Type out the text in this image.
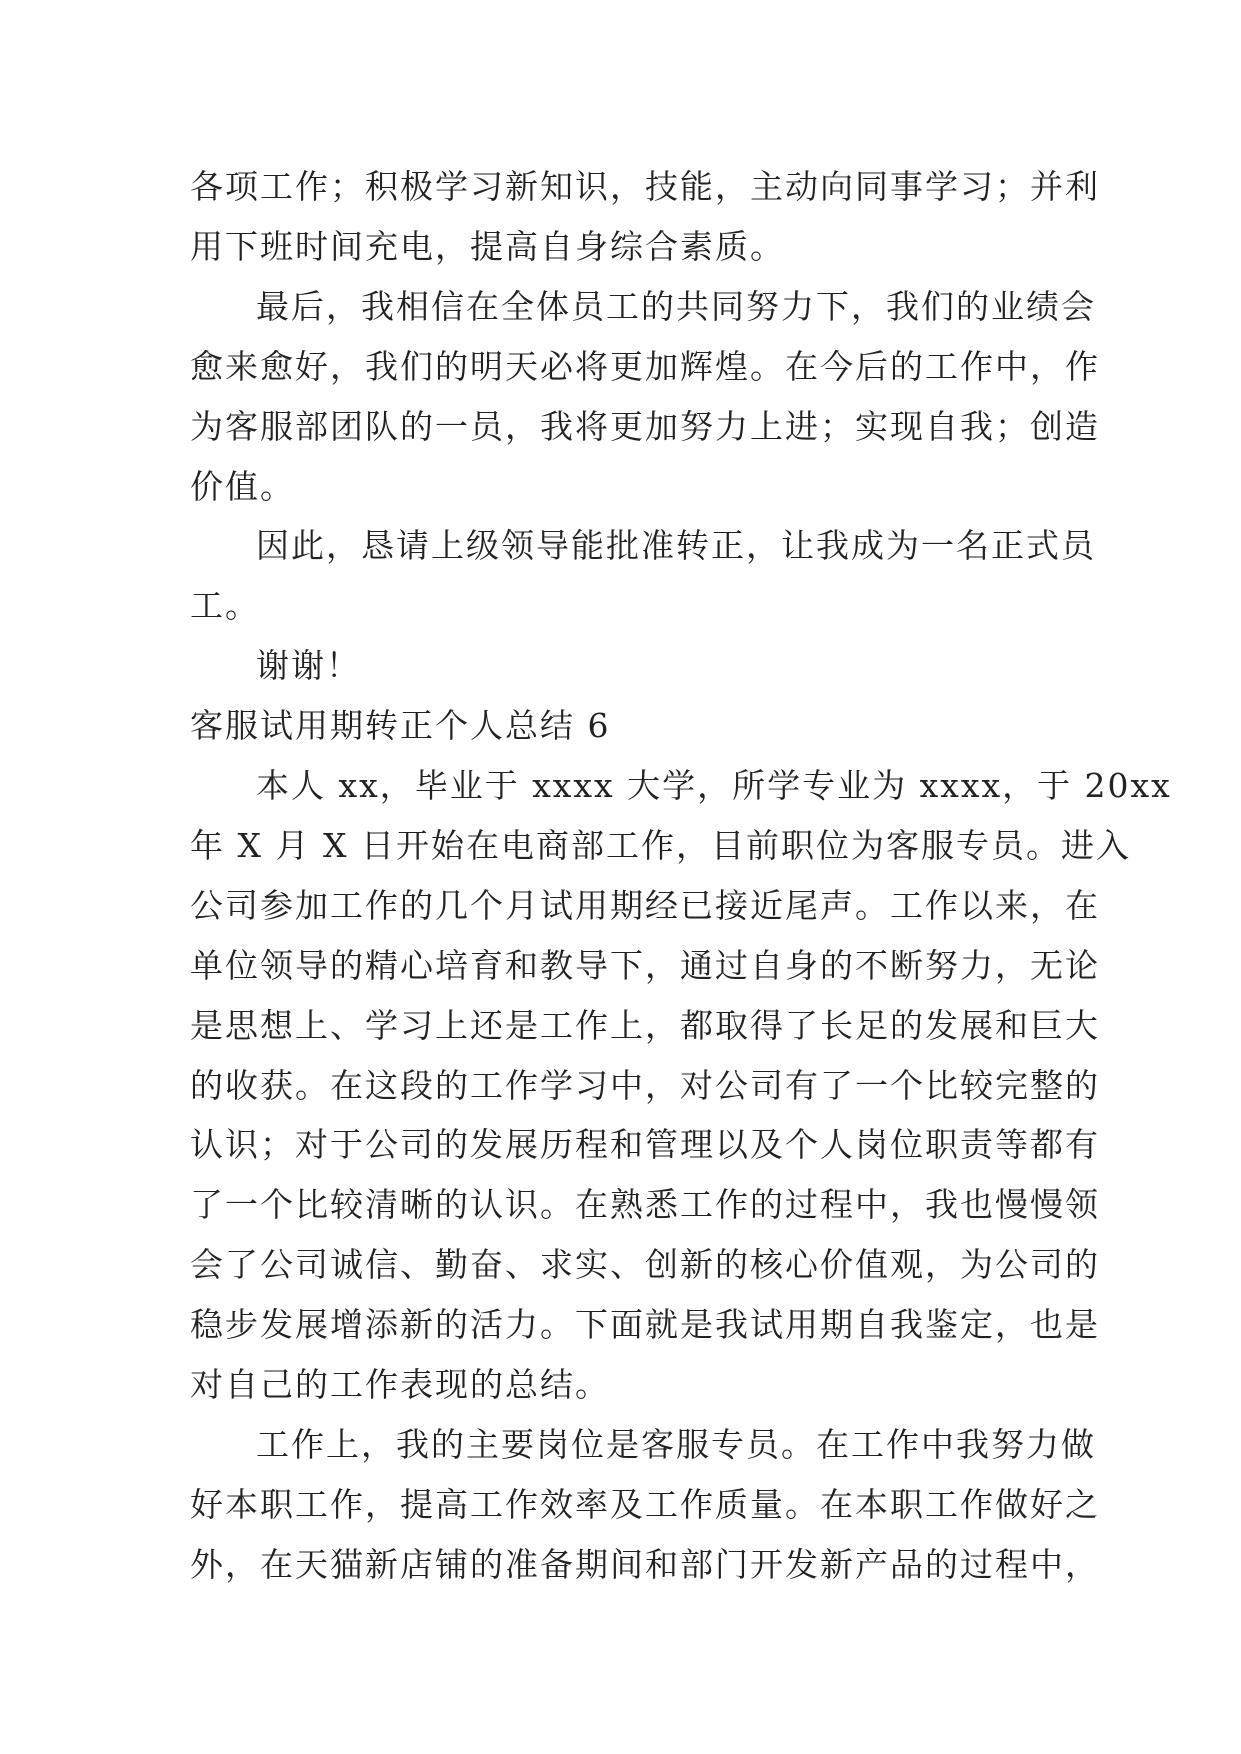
各项工作；积极学习新知识，技能，主动向同事学习；并利
用下班时间充电，提高自身综合素质。
最后，我相信在全体员工的共同努力下，我们的业绩会
愈来愈好，我们的明天必将更加辉煌。在今后的工作中，作
为客服部团队的一员，我将更加努力上进；实现自我；创造
价值。
因此，恳请上级领导能批准转正，让我成为一名正式员
工。
谢谢！
客服试用期转正个人总结 6
本人 xx，毕业于 xxxx 大学，所学专业为 xxxx，于 20xx
年 X 月 X 日开始在电商部工作，目前职位为客服专员。进入
公司参加工作的几个月试用期经已接近尾声。工作以来，在
单位领导的精心培育和教导下，通过自身的不断努力，无论
是思想上、学习上还是工作上，都取得了长足的发展和巨大
的收获。在这段的工作学习中，对公司有了一个比较完整的
认识；对于公司的发展历程和管理以及个人岗位职责等都有
了一个比较清晰的认识。在熟悉工作的过程中，我也慢慢领
会了公司诚信、勤奋、求实、创新的核心价值观，为公司的
稳步发展增添新的活力。下面就是我试用期自我鉴定，也是
对自己的工作表现的总结。
工作上，我的主要岗位是客服专员。在工作中我努力做
好本职工作，提高工作效率及工作质量。在本职工作做好之
外，在天猫新店铺的准备期间和部门开发新产品的过程中，
